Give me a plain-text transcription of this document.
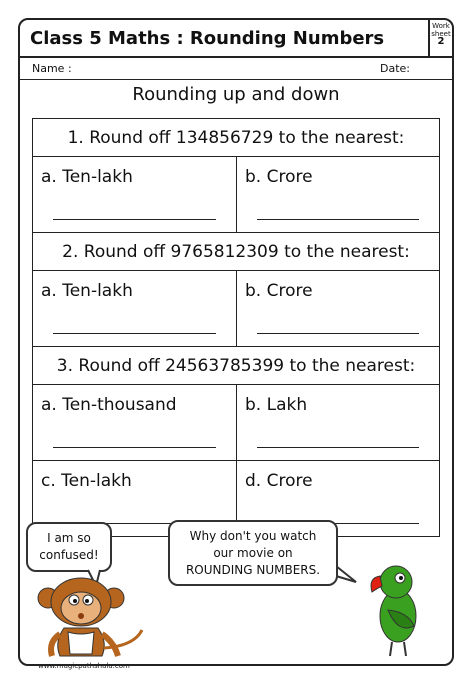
Class 5 Maths : Rounding Numbers
Work sheet
2
Name :	Date:
Rounding up and down
1. Round off 134856729 to the nearest:
a. Ten-lakh	b. Crore
2. Round off 9765812309 to the nearest:
a. Ten-lakh	b. Crore
3. Round off 24563785399 to the nearest:
a. Ten-thousand	b. Lakh
c. Ten-lakh	d. Crore
I am so
confused!
Why don't you watch
our movie on
ROUNDING NUMBERS.
www.magicpathshala.com
